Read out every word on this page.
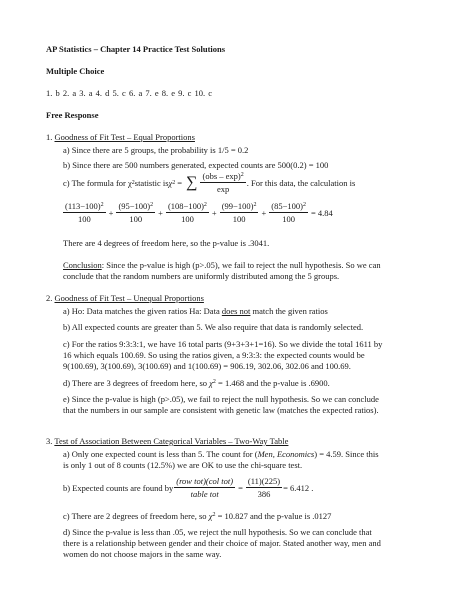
AP Statistics – Chapter 14 Practice Test Solutions
Multiple Choice
1. b 2. a 3. a 4. d 5. c 6. a 7. e 8. e 9. c 10. c
Free Response
1. Goodness of Fit Test – Equal Proportions
a) Since there are 5 groups, the probability is 1/5 = 0.2
b) Since there are 500 numbers generated, expected counts are 500(0.2) = 100
c) The formula for χ 2 statistic is χ 2 = ∑ (obs – exp)$^2$
exp
. For this data, the calculation is
$(113-100)^2$
100
+ $\frac{(95-100)^2}{100} + \frac{(108-100)^2}{100} + \frac{(99-100)^2}{100} + \frac{(85-100)^2}{100} = 4.84$
There are 4 degrees of freedom here, so the p-value is .3041.
Conclusion: Since the p-value is high (p>.05), we fail to reject the null hypothesis. So we can
conclude that the random numbers are uniformly distributed among the 5 groups.
2. Goodness of Fit Test – Unequal Proportions
a) Ho: Data matches the given ratios Ha: Data does not match the given ratios
b) All expected counts are greater than 5. We also require that data is randomly selected.
c) For the ratios 9:3:3:1, we have 16 total parts (9+3+3+1=16). So we divide the total 1611 by
16 which equals 100.69. So using the ratios given, a 9:3:3: the expected counts would be
9(100.69), 3(100.69), 3(100.69) and 1(100.69) = 906.19, 302.06, 302.06 and 100.69.
d) There are 3 degrees of freedom here, so $\chi^2 = 1.468$ and the p-value is .6900.
e) Since the p-value is high (p>.05), we fail to reject the null hypothesis. So we can conclude
that the numbers in our sample are consistent with genetic law (matches the expected ratios).
3. Test of Association Between Categorical Variables – Two-Way Table
a) Only one expected count is less than 5. The count for (Men, Economics) = 4.59. Since this
is only 1 out of 8 counts (12.5%) we are OK to use the chi-square test.
b) Expected counts are found by
(row tot)(col tot)
table tot
= $\frac{(11)(225)}{386} = 6.412$ .
c) There are 2 degrees of freedom here, so $\chi^2 = 10.827$ and the p-value is .0127
d) Since the p-value is less than .05, we reject the null hypothesis. So we can conclude that
there is a relationship between gender and their choice of major. Stated another way, men and
women do not choose majors in the same way.
